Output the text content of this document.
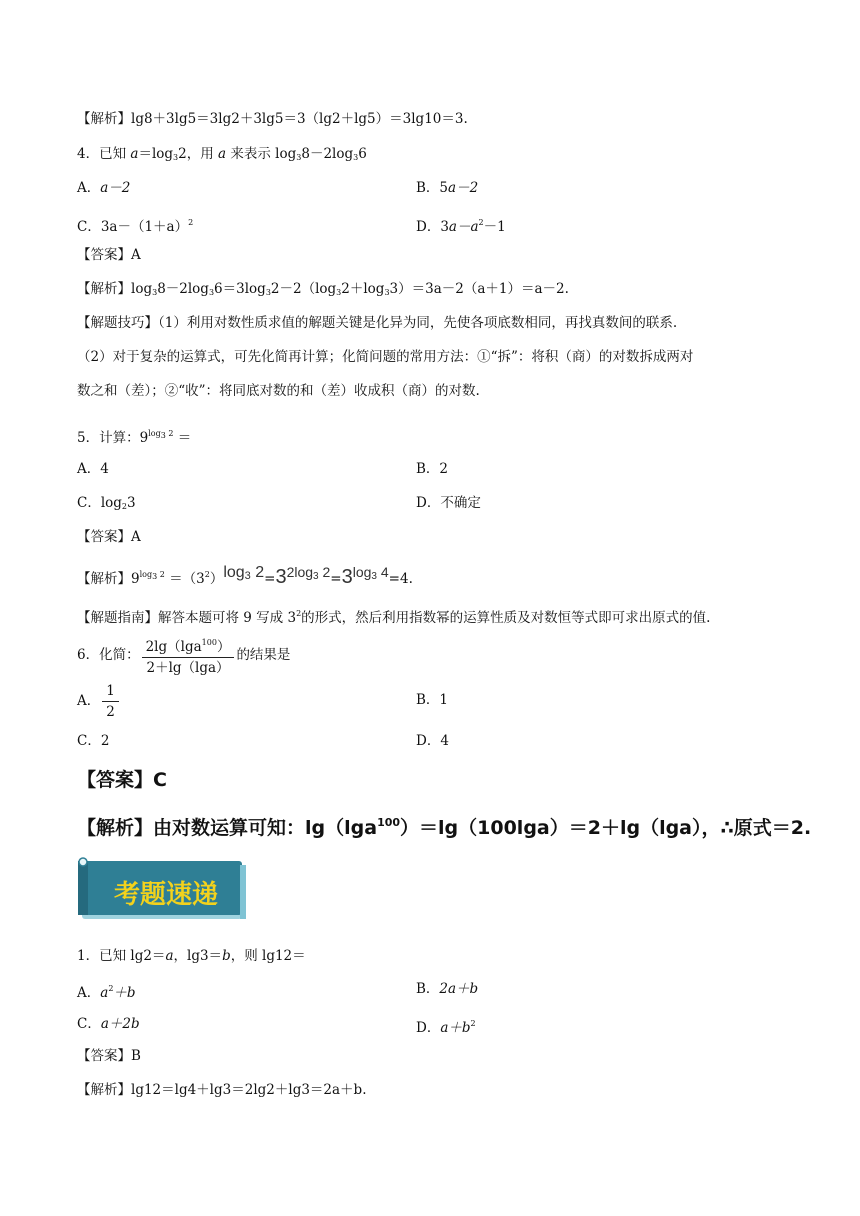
【解析】lg8＋3lg5＝3lg2＋3lg5＝3（lg2＋lg5）＝3lg10＝3.
4．已知 $a=\log_32$，用 a 来表示 $\log_38-2\log_36$
A．a－2	B．5a－2
C．$3a-(1+a)^2$	D．$3a-a^2-1$
【答案】A
【解析】$\log_38-2\log_36=3\log_32-2(\log_32+\log_33)=3a-2(a+1)=a-2$.
【解题技巧】（1）利用对数性质求值的解题关键是化异为同，先使各项底数相同，再找真数间的联系.
（2）对于复杂的运算式，可先化简再计算；化简问题的常用方法：①“拆”：将积（商）的对数拆成两对
数之和（差）；②“收”：将同底对数的和（差）收成积（商）的对数.
5．计算：$9^{log_3 2}$ ＝
A．4	B．2
C．$\log_23$	D．不确定
【答案】A
【解析】$9^{log_3 2} =(3^2)\log_3$ $2=3^{2log_3 2}=3^{log_3 4}=4$.
【解题指南】解答本题可将 9 写成 $3^2$的形式，然后利用指数幂的运算性质及对数恒等式即可求出原式的值.
6．化简： $\frac{2\lg(\lg a^{100})}{2+\lg(\lg a)}$ 的结果是
A． $\frac{1}{2}$	B．1
C．2	D．4
【答案】C
【解析】由对数运算可知：lg（lga$^{100}$）＝lg（100lga）＝2＋lg（lga），∴原式＝2.
考题速递
1．已知 lg2＝a，lg3＝b，则 lg12＝
A．$a^2+b$	B．2a＋b
C．a＋2b	D．$a+b^2$
【答案】B
【解析】lg12＝lg4＋lg3＝2lg2＋lg3＝2a＋b.
